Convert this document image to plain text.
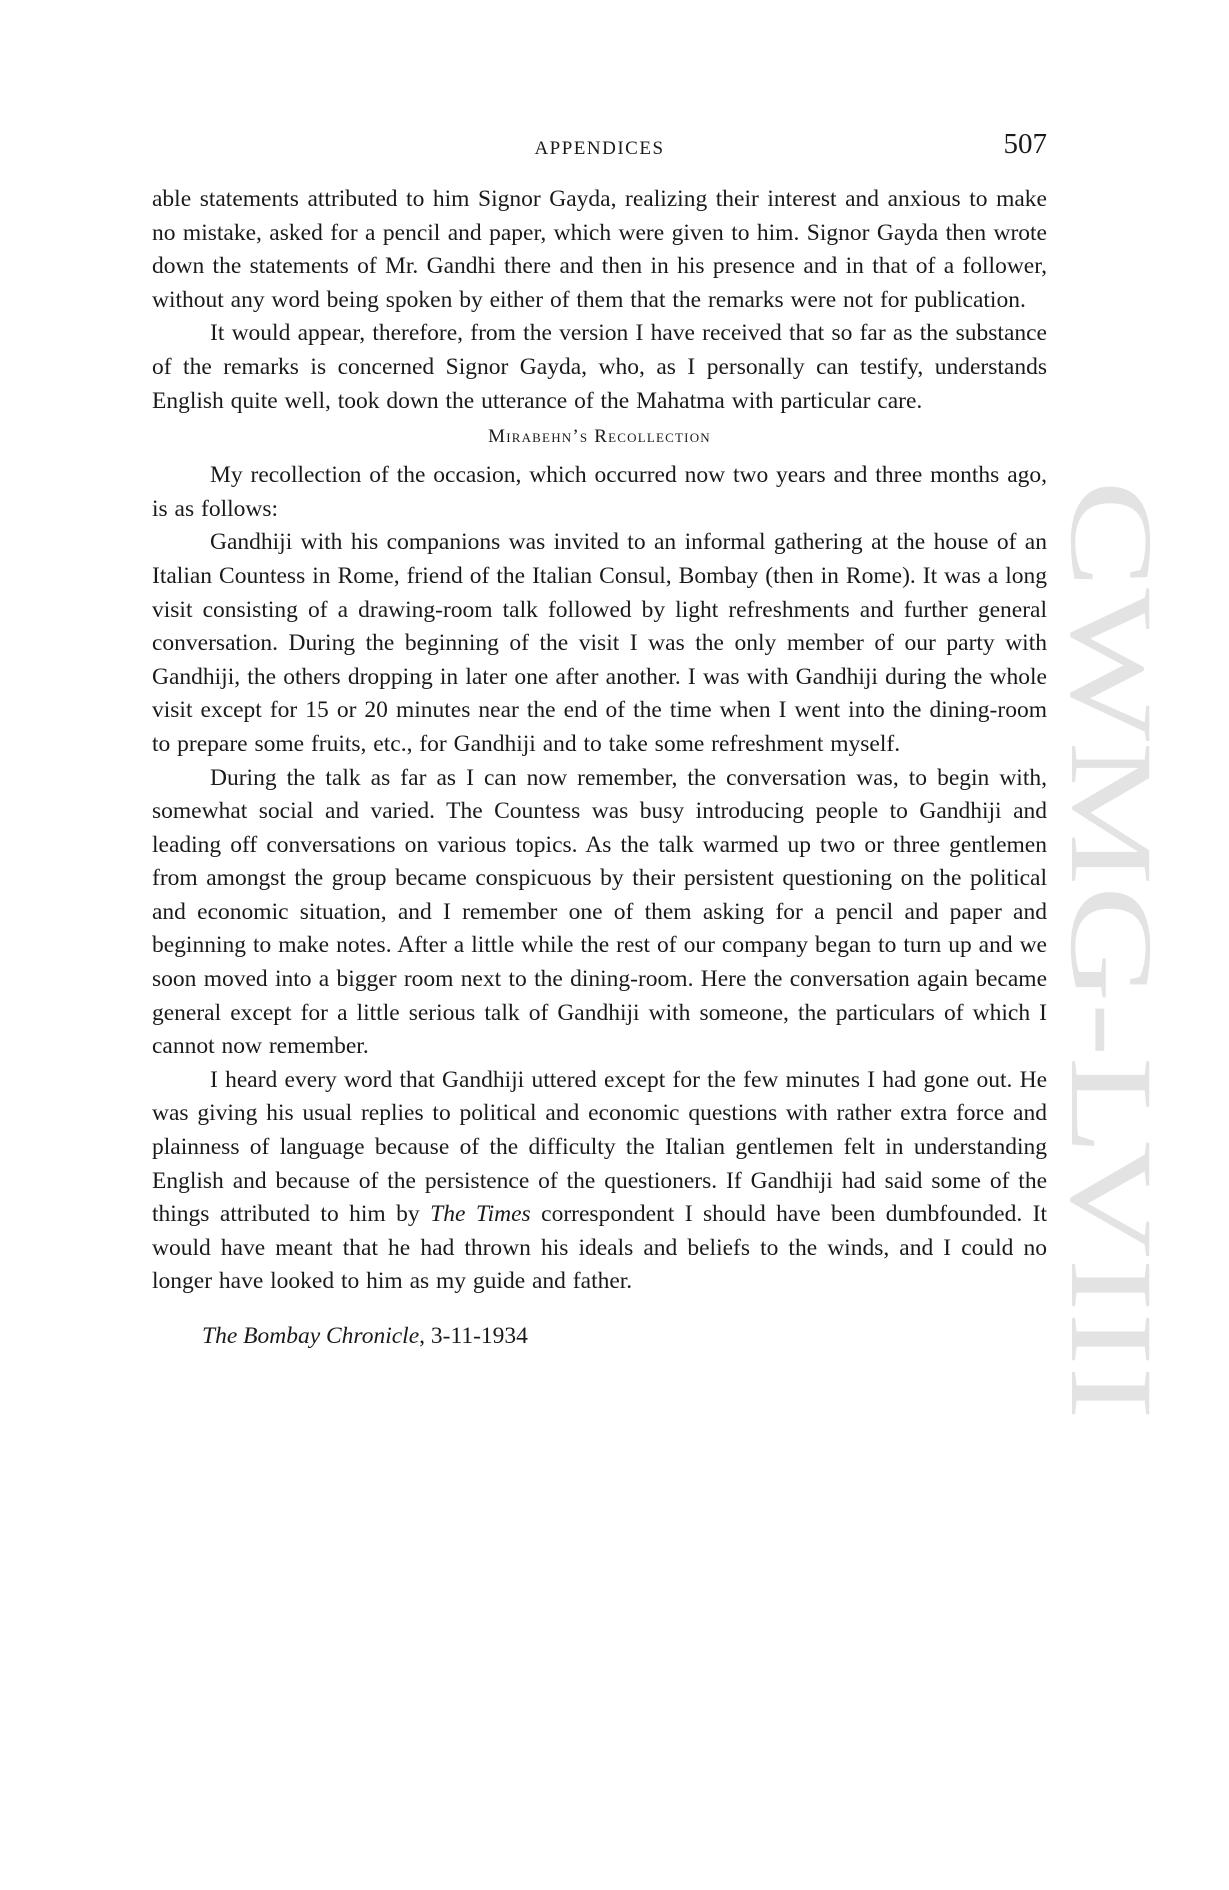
CWMG-LVIII
APPENDICES	507

able statements attributed to him Signor Gayda, realizing their interest and anxious to make no mistake, asked for a pencil and paper, which were given to him. Signor Gayda then wrote down the statements of Mr. Gandhi there and then in his presence and in that of a follower, without any word being spoken by either of them that the remarks were not for publication.

It would appear, therefore, from the version I have received that so far as the substance of the remarks is concerned Signor Gayda, who, as I personally can testify, understands English quite well, took down the utterance of the Mahatma with particular care.

Mirabehn’s Recollection

My recollection of the occasion, which occurred now two years and three months ago, is as follows:

Gandhiji with his companions was invited to an informal gathering at the house of an Italian Countess in Rome, friend of the Italian Consul, Bombay (then in Rome). It was a long visit consisting of a drawing-room talk followed by light refreshments and further general conversation. During the beginning of the visit I was the only member of our party with Gandhiji, the others dropping in later one after another. I was with Gandhiji during the whole visit except for 15 or 20 minutes near the end of the time when I went into the dining-room to prepare some fruits, etc., for Gandhiji and to take some refreshment myself.

During the talk as far as I can now remember, the conversation was, to begin with, somewhat social and varied. The Countess was busy introducing people to Gandhiji and leading off conversations on various topics. As the talk warmed up two or three gentlemen from amongst the group became conspicuous by their persistent questioning on the political and economic situation, and I remember one of them asking for a pencil and paper and beginning to make notes. After a little while the rest of our company began to turn up and we soon moved into a bigger room next to the dining-room. Here the conversation again became general except for a little serious talk of Gandhiji with someone, the particulars of which I cannot now remember.

I heard every word that Gandhiji uttered except for the few minutes I had gone out. He was giving his usual replies to political and economic questions with rather extra force and plainness of language because of the difficulty the Italian gentlemen felt in understanding English and because of the persistence of the questioners. If Gandhiji had said some of the things attributed to him by The Times correspondent I should have been dumbfounded. It would have meant that he had thrown his ideals and beliefs to the winds, and I could no longer have looked to him as my guide and father.

The Bombay Chronicle, 3-11-1934
